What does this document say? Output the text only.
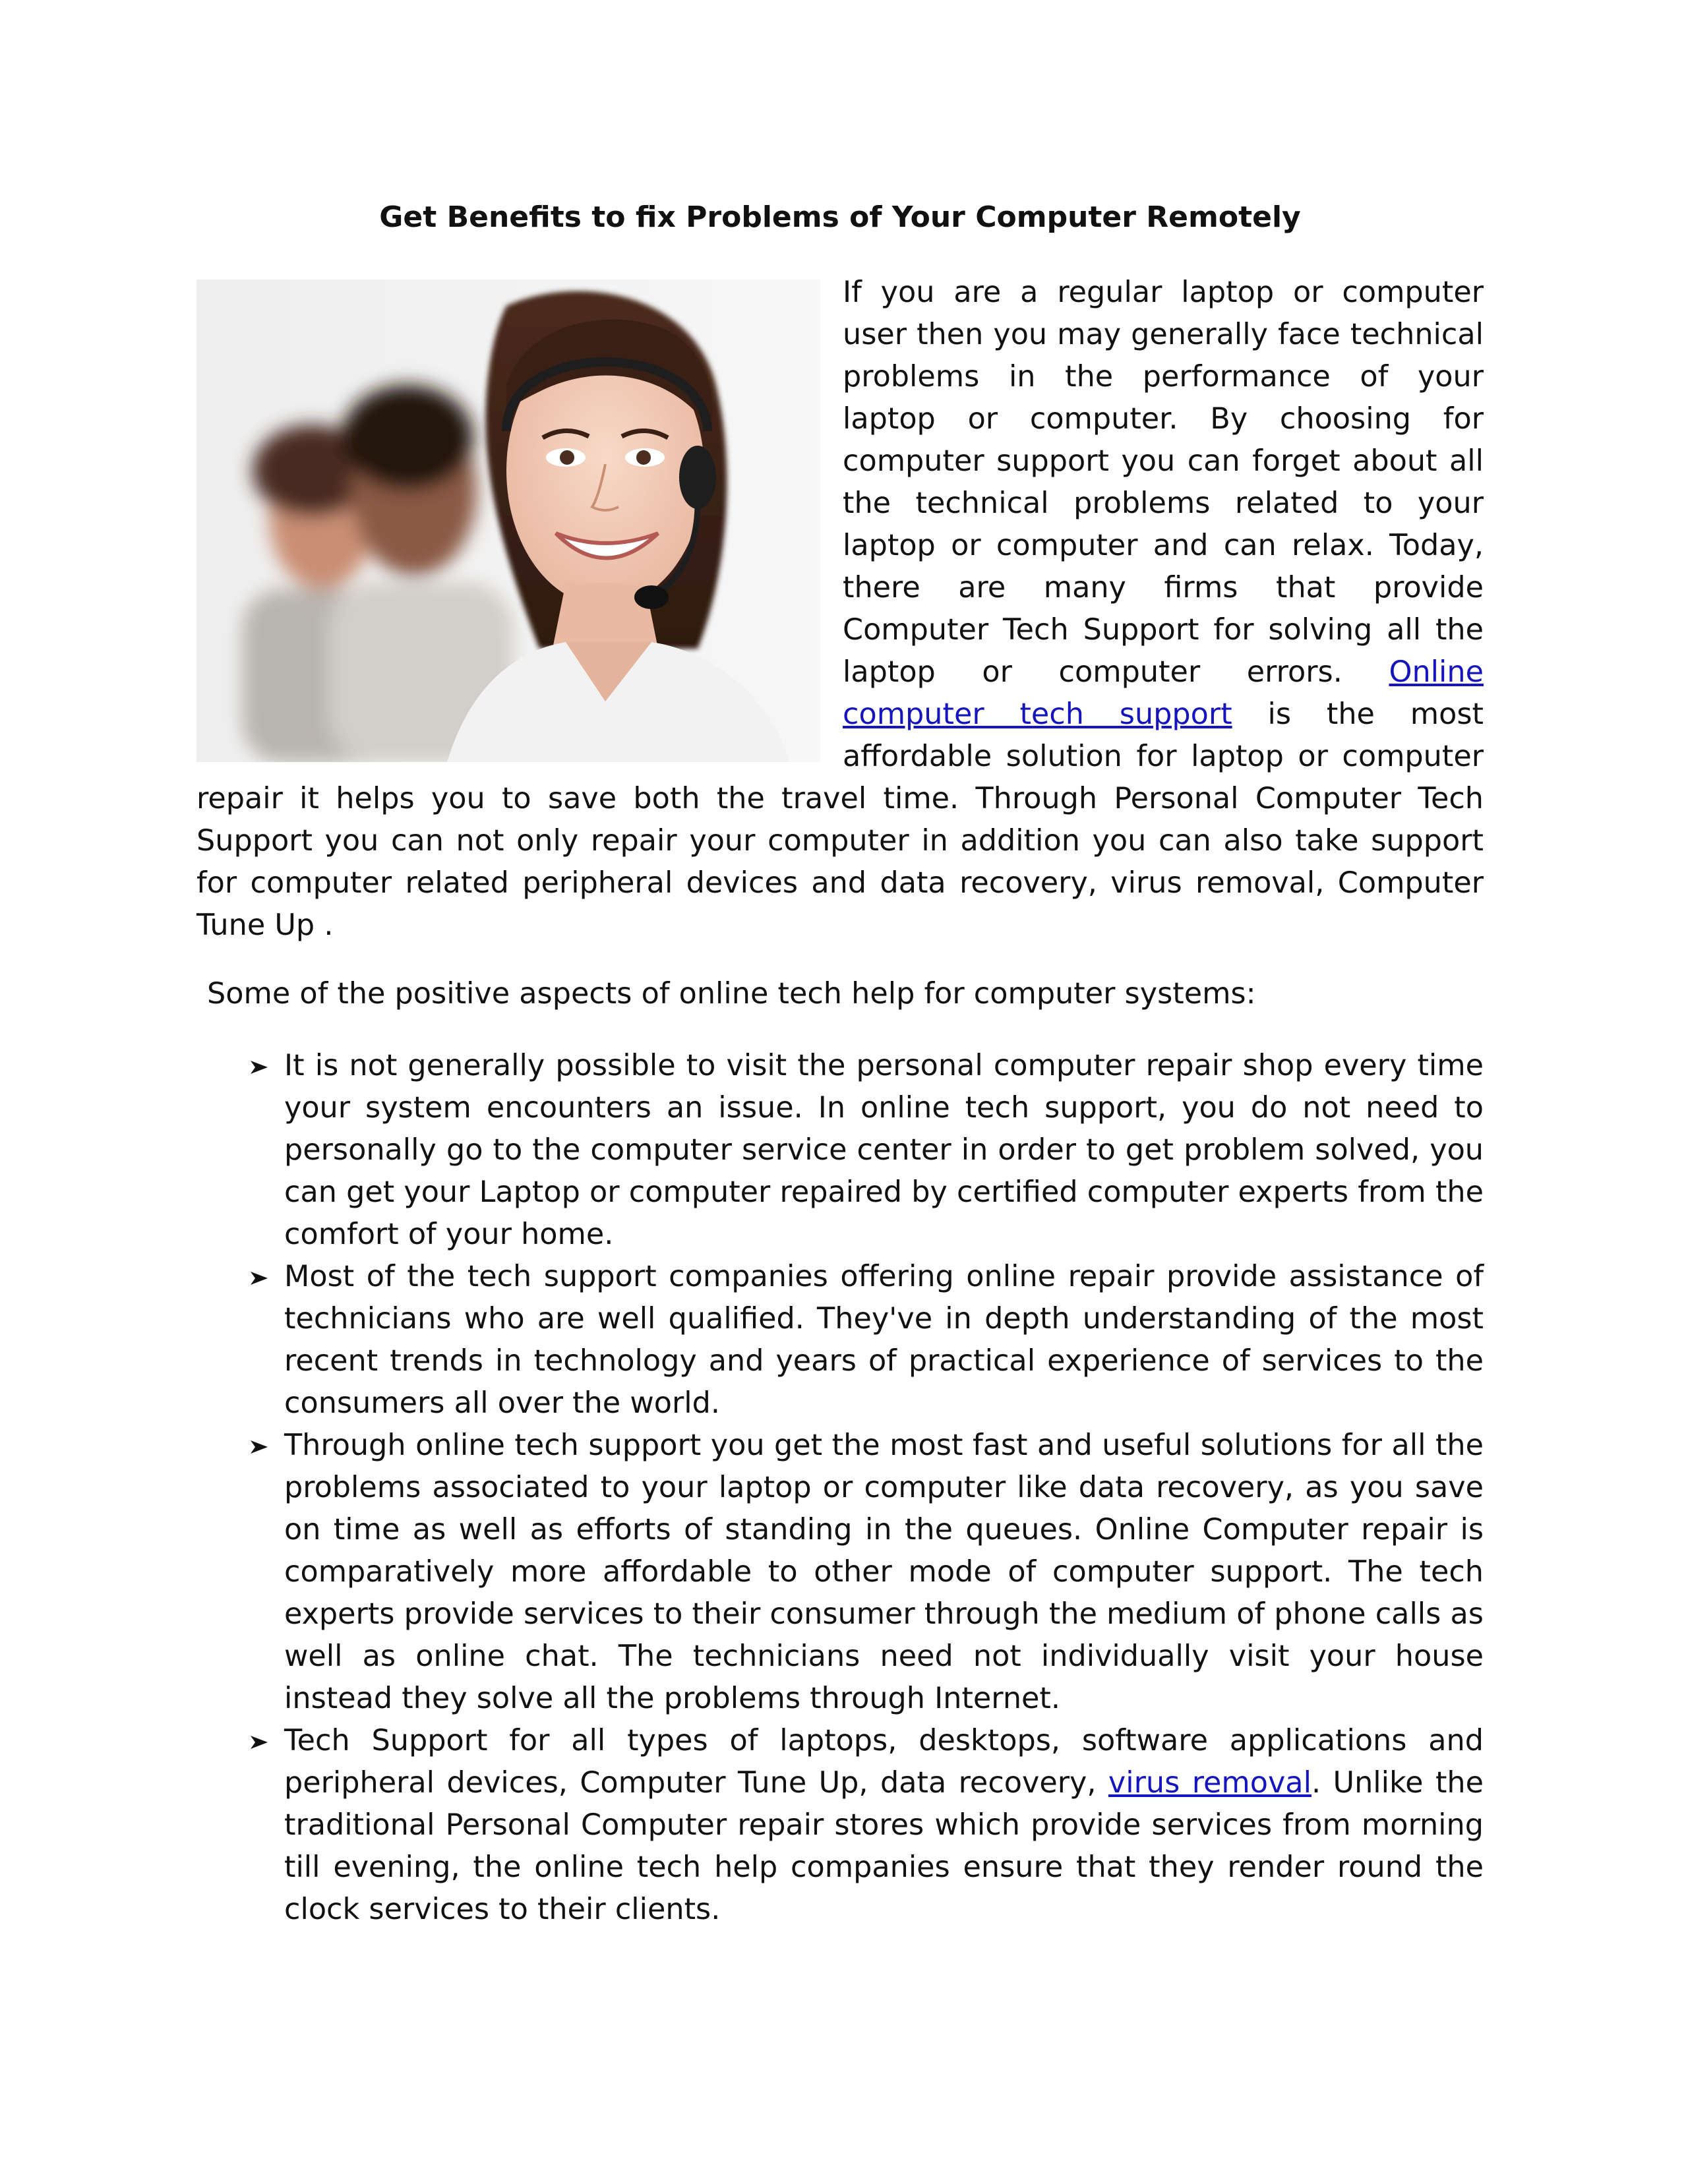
Get Benefits to fix Problems of Your Computer Remotely
If you are a regular laptop or computer user then you may generally face technical problems in the performance of your laptop or computer. By choosing for computer support you can forget about all the technical problems related to your laptop or computer and can relax. Today, there are many firms that provide Computer Tech Support for solving all the laptop or computer errors. Online computer tech support is the most affordable solution for laptop or computer repair it helps you to save both the travel time. Through Personal Computer Tech Support you can not only repair your computer in addition you can also take support for computer related peripheral devices and data recovery, virus removal, Computer Tune Up .
Some of the positive aspects of online tech help for computer systems:
It is not generally possible to visit the personal computer repair shop every time your system encounters an issue. In online tech support, you do not need to personally go to the computer service center in order to get problem solved, you can get your Laptop or computer repaired by certified computer experts from the comfort of your home.
Most of the tech support companies offering online repair provide assistance of technicians who are well qualified. They've in depth understanding of the most recent trends in technology and years of practical experience of services to the consumers all over the world.
Through online tech support you get the most fast and useful solutions for all the problems associated to your laptop or computer like data recovery, as you save on time as well as efforts of standing in the queues. Online Computer repair is comparatively more affordable to other mode of computer support. The tech experts provide services to their consumer through the medium of phone calls as well as online chat. The technicians need not individually visit your house instead they solve all the problems through Internet.
Tech Support for all types of laptops, desktops, software applications and peripheral devices, Computer Tune Up, data recovery, virus removal. Unlike the traditional Personal Computer repair stores which provide services from morning till evening, the online tech help companies ensure that they render round the clock services to their clients.
